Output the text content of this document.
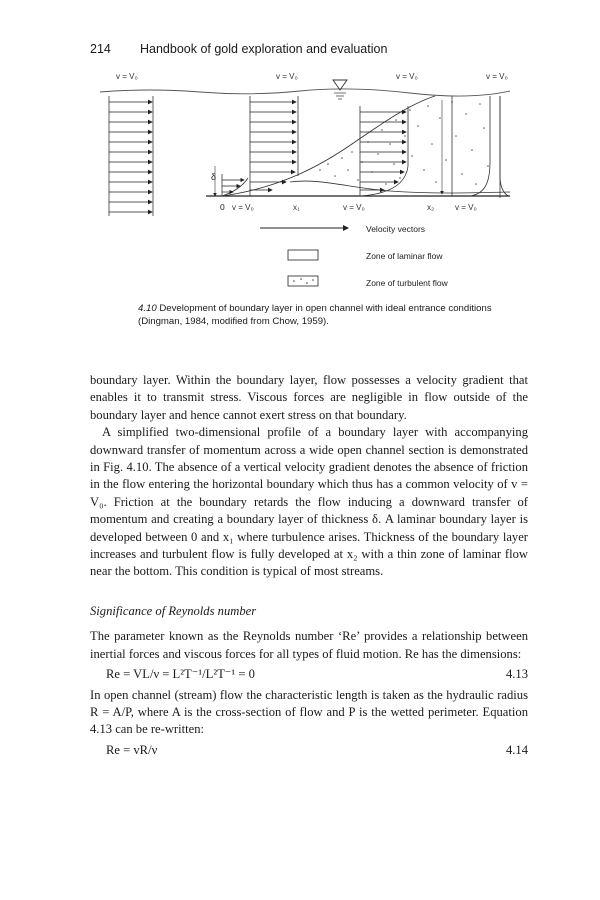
214 Handbook of gold exploration and evaluation
v = V₀	v = V₀	v = V₀	v = V₀
δ
0 v = V₀	x₁	v = V₀	x₂	v = V₀
Velocity vectors
Zone of laminar flow
Zone of turbulent flow
4.10 Development of boundary layer in open channel with ideal entrance conditions (Dingman, 1984, modified from Chow, 1959).

boundary layer. Within the boundary layer, flow possesses a velocity gradient that enables it to transmit stress. Viscous forces are negligible in flow outside of the boundary layer and hence cannot exert stress on that boundary.

A simplified two-dimensional profile of a boundary layer with accompanying downward transfer of momentum across a wide open channel section is demonstrated in Fig. 4.10. The absence of a vertical velocity gradient denotes the absence of friction in the flow entering the horizontal boundary which thus has a common velocity of v = V₀. Friction at the boundary retards the flow inducing a downward transfer of momentum and creating a boundary layer of thickness δ. A laminar boundary layer is developed between 0 and x₁ where turbulence arises. Thickness of the boundary layer increases and turbulent flow is fully developed at x₂ with a thin zone of laminar flow near the bottom. This condition is typical of most streams.

Significance of Reynolds number

The parameter known as the Reynolds number ‘Re’ provides a relationship between inertial forces and viscous forces for all types of fluid motion. Re has the dimensions:

Re = VL/ν = L²T⁻¹/L²T⁻¹ = 0	4.13

In open channel (stream) flow the characteristic length is taken as the hydraulic radius R = A/P, where A is the cross-section of flow and P is the wetted perimeter. Equation 4.13 can be re-written:

Re = vR/ν	4.14
